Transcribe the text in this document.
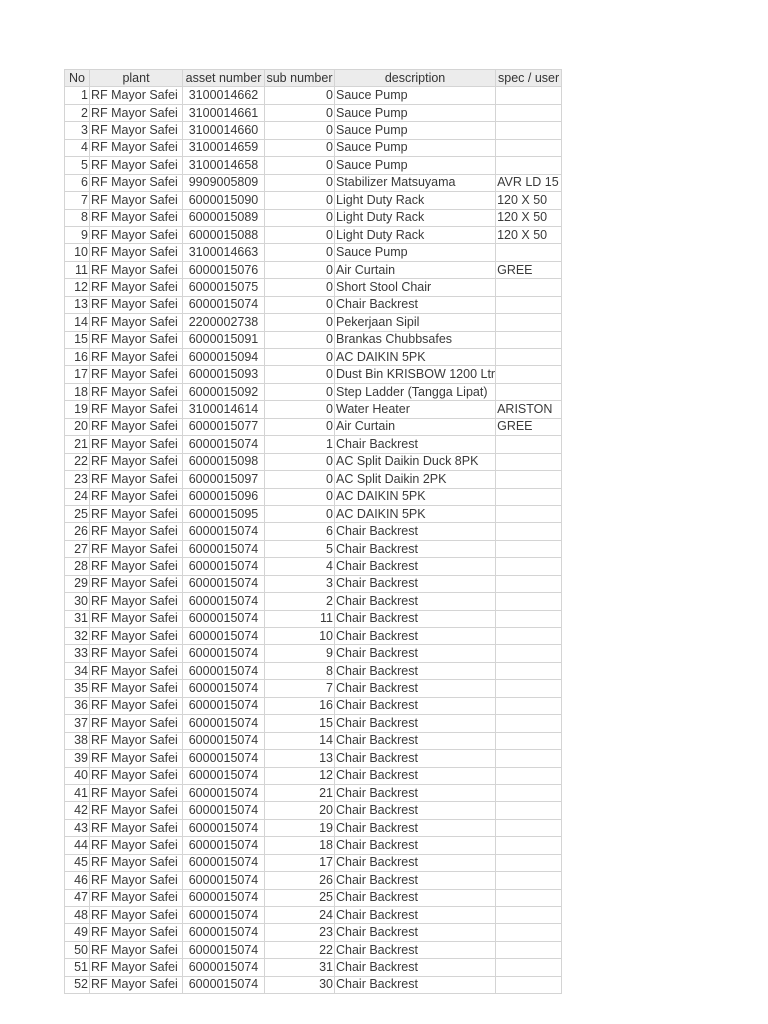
No	plant	asset number	sub number	description	spec / user
1	RF Mayor Safei	3100014662	0	Sauce Pump	
2	RF Mayor Safei	3100014661	0	Sauce Pump	
3	RF Mayor Safei	3100014660	0	Sauce Pump	
4	RF Mayor Safei	3100014659	0	Sauce Pump	
5	RF Mayor Safei	3100014658	0	Sauce Pump	
6	RF Mayor Safei	9909005809	0	Stabilizer Matsuyama	AVR LD 15
7	RF Mayor Safei	6000015090	0	Light Duty Rack	120 X 50
8	RF Mayor Safei	6000015089	0	Light Duty Rack	120 X 50
9	RF Mayor Safei	6000015088	0	Light Duty Rack	120 X 50
10	RF Mayor Safei	3100014663	0	Sauce Pump	
11	RF Mayor Safei	6000015076	0	Air Curtain	GREE
12	RF Mayor Safei	6000015075	0	Short Stool Chair	
13	RF Mayor Safei	6000015074	0	Chair Backrest	
14	RF Mayor Safei	2200002738	0	Pekerjaan Sipil	
15	RF Mayor Safei	6000015091	0	Brankas Chubbsafes	
16	RF Mayor Safei	6000015094	0	AC DAIKIN 5PK	
17	RF Mayor Safei	6000015093	0	Dust Bin KRISBOW 1200 Ltr	
18	RF Mayor Safei	6000015092	0	Step Ladder (Tangga Lipat)	
19	RF Mayor Safei	3100014614	0	Water Heater	ARISTON
20	RF Mayor Safei	6000015077	0	Air Curtain	GREE
21	RF Mayor Safei	6000015074	1	Chair Backrest	
22	RF Mayor Safei	6000015098	0	AC Split Daikin Duck 8PK	
23	RF Mayor Safei	6000015097	0	AC Split Daikin 2PK	
24	RF Mayor Safei	6000015096	0	AC DAIKIN 5PK	
25	RF Mayor Safei	6000015095	0	AC DAIKIN 5PK	
26	RF Mayor Safei	6000015074	6	Chair Backrest	
27	RF Mayor Safei	6000015074	5	Chair Backrest	
28	RF Mayor Safei	6000015074	4	Chair Backrest	
29	RF Mayor Safei	6000015074	3	Chair Backrest	
30	RF Mayor Safei	6000015074	2	Chair Backrest	
31	RF Mayor Safei	6000015074	11	Chair Backrest	
32	RF Mayor Safei	6000015074	10	Chair Backrest	
33	RF Mayor Safei	6000015074	9	Chair Backrest	
34	RF Mayor Safei	6000015074	8	Chair Backrest	
35	RF Mayor Safei	6000015074	7	Chair Backrest	
36	RF Mayor Safei	6000015074	16	Chair Backrest	
37	RF Mayor Safei	6000015074	15	Chair Backrest	
38	RF Mayor Safei	6000015074	14	Chair Backrest	
39	RF Mayor Safei	6000015074	13	Chair Backrest	
40	RF Mayor Safei	6000015074	12	Chair Backrest	
41	RF Mayor Safei	6000015074	21	Chair Backrest	
42	RF Mayor Safei	6000015074	20	Chair Backrest	
43	RF Mayor Safei	6000015074	19	Chair Backrest	
44	RF Mayor Safei	6000015074	18	Chair Backrest	
45	RF Mayor Safei	6000015074	17	Chair Backrest	
46	RF Mayor Safei	6000015074	26	Chair Backrest	
47	RF Mayor Safei	6000015074	25	Chair Backrest	
48	RF Mayor Safei	6000015074	24	Chair Backrest	
49	RF Mayor Safei	6000015074	23	Chair Backrest	
50	RF Mayor Safei	6000015074	22	Chair Backrest	
51	RF Mayor Safei	6000015074	31	Chair Backrest	
52	RF Mayor Safei	6000015074	30	Chair Backrest	
